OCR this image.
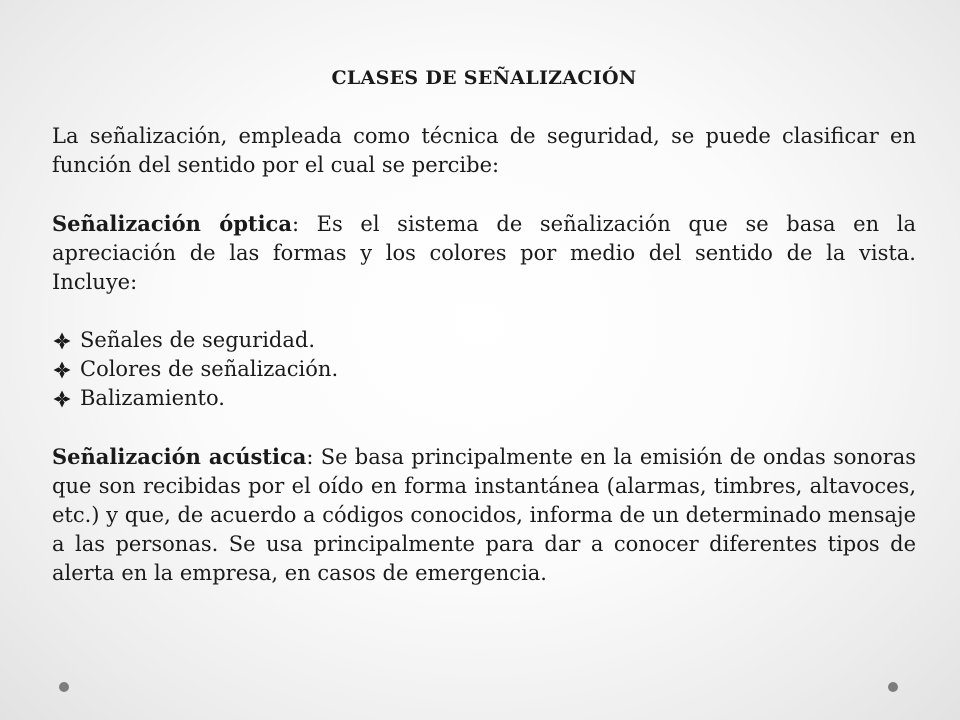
CLASES DE SEÑALIZACIÓN

La señalización, empleada como técnica de seguridad, se puede clasificar en función del sentido por el cual se percibe:

Señalización óptica: Es el sistema de señalización que se basa en la apreciación de las formas y los colores por medio del sentido de la vista. Incluye:

Señales de seguridad.
Colores de señalización.
Balizamiento.

Señalización acústica: Se basa principalmente en la emisión de ondas sonoras que son recibidas por el oído en forma instantánea (alarmas, timbres, altavoces, etc.) y que, de acuerdo a códigos conocidos, informa de un determinado mensaje a las personas. Se usa principalmente para dar a conocer diferentes tipos de alerta en la empresa, en casos de emergencia.
